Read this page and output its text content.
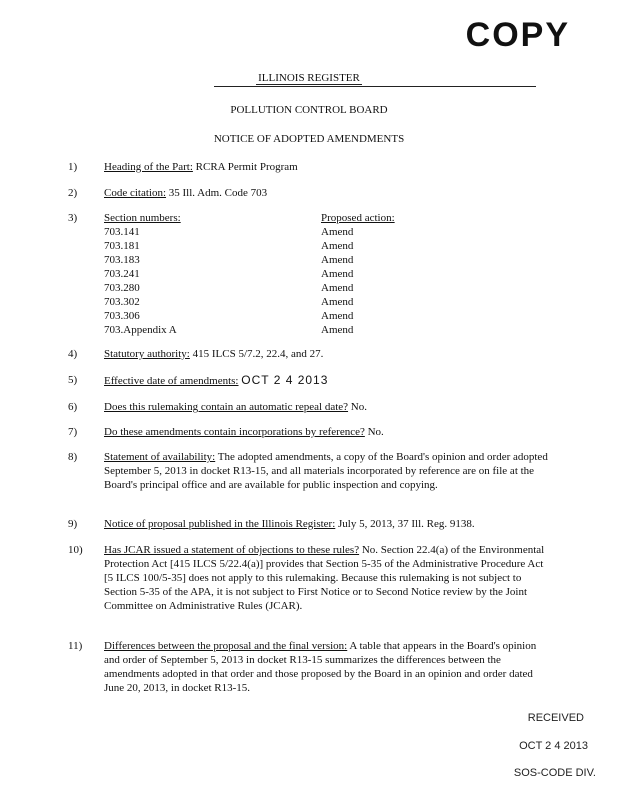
COPY
ILLINOIS REGISTER
POLLUTION CONTROL BOARD
NOTICE OF ADOPTED AMENDMENTS
1)	Heading of the Part: RCRA Permit Program
2)	Code citation: 35 Ill. Adm. Code 703
3)	Section numbers:	Proposed action:
703.141	Amend
703.181	Amend
703.183	Amend
703.241	Amend
703.280	Amend
703.302	Amend
703.306	Amend
703.Appendix A	Amend
4)	Statutory authority: 415 ILCS 5/7.2, 22.4, and 27.
5)	Effective date of amendments: OCT 2 4 2013
6)	Does this rulemaking contain an automatic repeal date? No.
7)	Do these amendments contain incorporations by reference? No.
8)	Statement of availability: The adopted amendments, a copy of the Board's opinion and order adopted September 5, 2013 in docket R13-15, and all materials incorporated by reference are on file at the Board's principal office and are available for public inspection and copying.
9)	Notice of proposal published in the Illinois Register: July 5, 2013, 37 Ill. Reg. 9138.
10)	Has JCAR issued a statement of objections to these rules? No. Section 22.4(a) of the Environmental Protection Act [415 ILCS 5/22.4(a)] provides that Section 5-35 of the Administrative Procedure Act [5 ILCS 100/5-35] does not apply to this rulemaking. Because this rulemaking is not subject to Section 5-35 of the APA, it is not subject to First Notice or to Second Notice review by the Joint Committee on Administrative Rules (JCAR).
11)	Differences between the proposal and the final version: A table that appears in the Board's opinion and order of September 5, 2013 in docket R13-15 summarizes the differences between the amendments adopted in that order and those proposed by the Board in an opinion and order dated June 20, 2013, in docket R13-15.
RECEIVED
OCT 2 4 2013
SOS-CODE DIV.
